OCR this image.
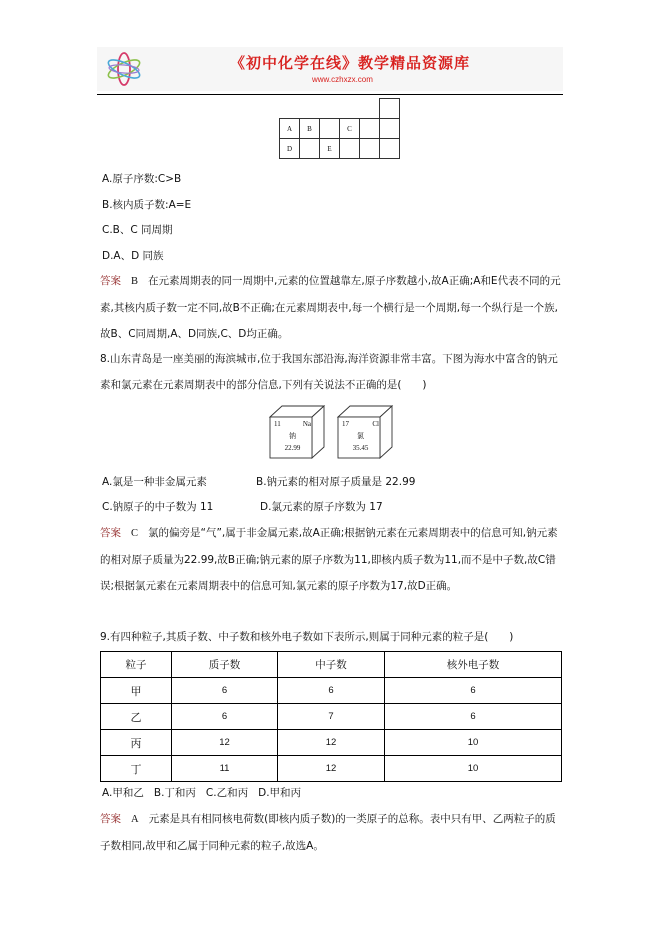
《初中化学在线》教学精品资源库
www.czhxzx.com

A	B		C		
D		E			
A.原子序数:C>B
B.核内质子数:A=E
C.B、C 同周期
D.A、D 同族
答案 B 在元素周期表的同一周期中,元素的位置越靠左,原子序数越小,故A正确;A和E代表不同的元素,其核内质子数一定不同,故B不正确;在元素周期表中,每一个横行是一个周期,每一个纵行是一个族,故B、C同周期,A、D同族,C、D均正确。
8.山东青岛是一座美丽的海滨城市,位于我国东部沿海,海洋资源非常丰富。下图为海水中富含的钠元素和氯元素在元素周期表中的部分信息,下列有关说法不正确的是(　　)
11	Na
钠
22.99
17	Cl
氯
35.45
A.氯是一种非金属元素	B.钠元素的相对原子质量是 22.99
C.钠原子的中子数为 11	D.氯元素的原子序数为 17
答案 C 氯的偏旁是“气”,属于非金属元素,故A正确;根据钠元素在元素周期表中的信息可知,钠元素的相对原子质量为22.99,故B正确;钠元素的原子序数为11,即核内质子数为11,而不是中子数,故C错误;根据氯元素在元素周期表中的信息可知,氯元素的原子序数为17,故D正确。
9.有四种粒子,其质子数、中子数和核外电子数如下表所示,则属于同种元素的粒子是(　　)
粒子	质子数	中子数	核外电子数
甲	6	6	6
乙	6	7	6
丙	12	12	10
丁	11	12	10
A.甲和乙 B.丁和丙 C.乙和丙 D.甲和丙
答案 A 元素是具有相同核电荷数(即核内质子数)的一类原子的总称。表中只有甲、乙两粒子的质子数相同,故甲和乙属于同种元素的粒子,故选A。
